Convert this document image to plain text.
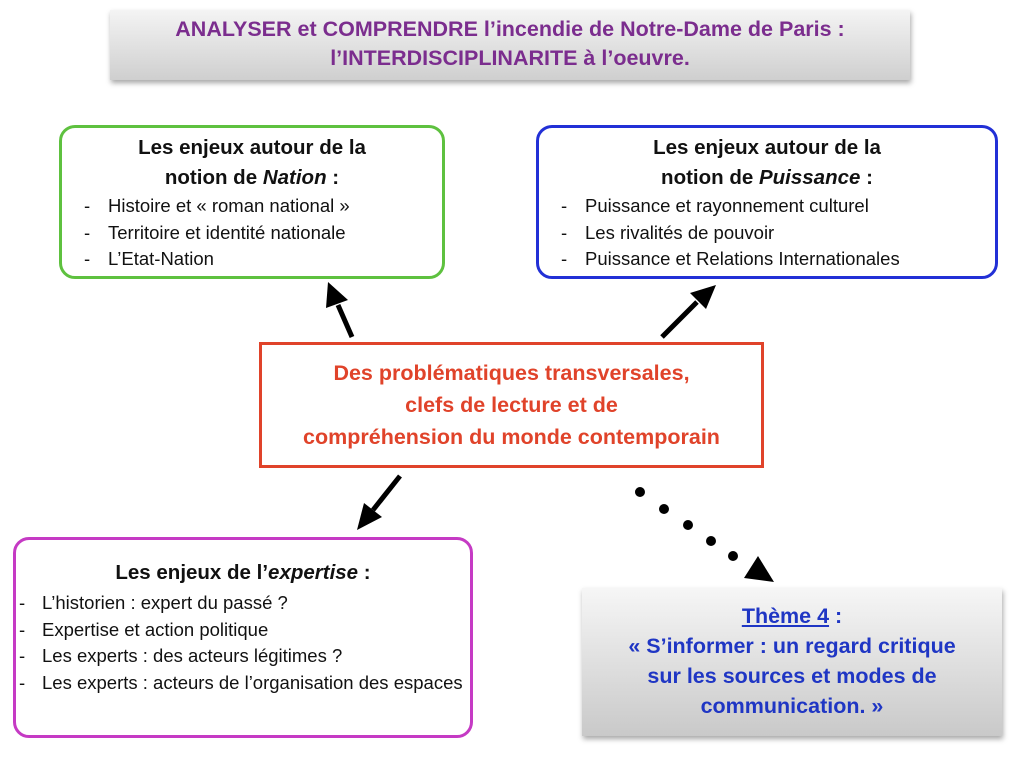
ANALYSER et COMPRENDRE l’incendie de Notre-Dame de Paris :
l’INTERDISCIPLINARITE à l’oeuvre.
Les enjeux autour de la
notion de Nation :
- Histoire et « roman national »
- Territoire et identité nationale
- L’Etat-Nation
Les enjeux autour de la
notion de Puissance :
- Puissance et rayonnement culturel
- Les rivalités de pouvoir
- Puissance et Relations Internationales
Des problématiques transversales,
clefs de lecture et de
compréhension du monde contemporain
Les enjeux de l’expertise :
- L’historien : expert du passé ?
- Expertise et action politique
- Les experts : des acteurs légitimes ?
- Les experts : acteurs de l’organisation des espaces
Thème 4 :
« S’informer : un regard critique
sur les sources et modes de
communication. »
